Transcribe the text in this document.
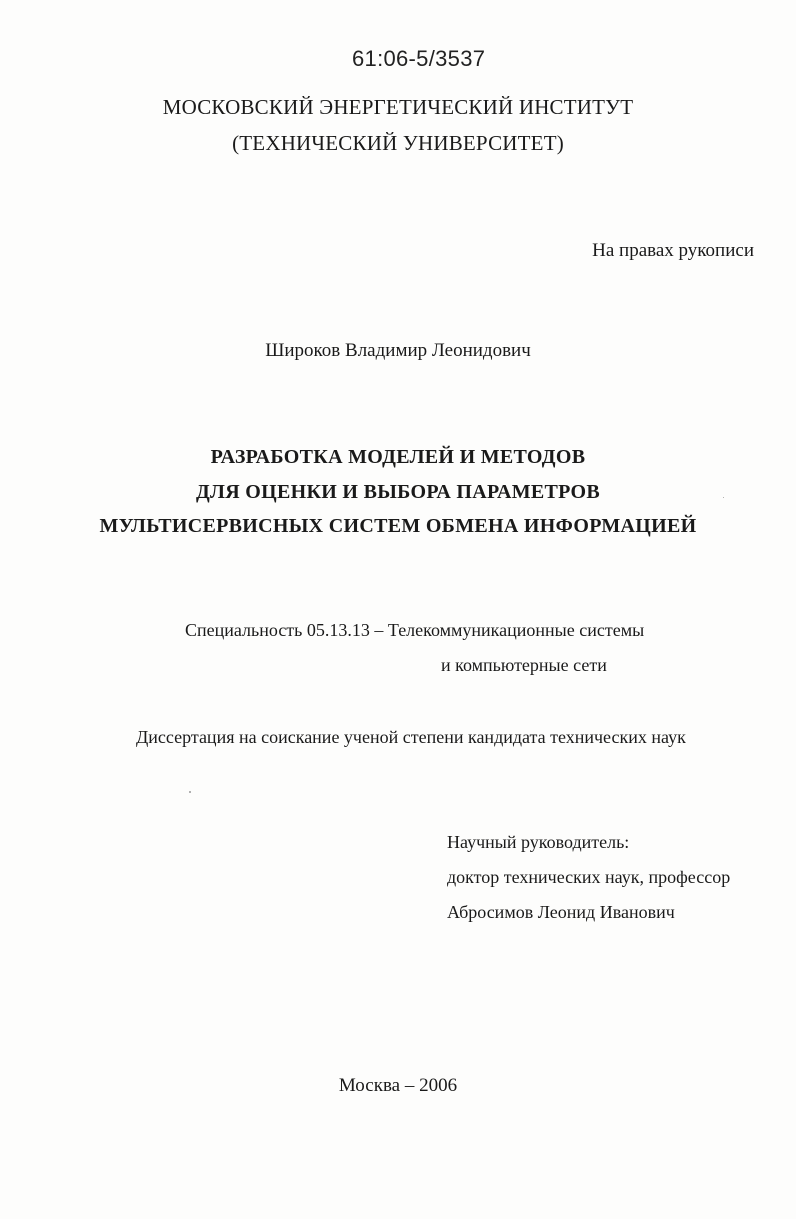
61:06-5/3537
МОСКОВСКИЙ ЭНЕРГЕТИЧЕСКИЙ ИНСТИТУТ
(ТЕХНИЧЕСКИЙ УНИВЕРСИТЕТ)
На правах рукописи
Широков Владимир Леонидович
РАЗРАБОТКА МОДЕЛЕЙ И МЕТОДОВ
ДЛЯ ОЦЕНКИ И ВЫБОРА ПАРАМЕТРОВ
МУЛЬТИСЕРВИСНЫХ СИСТЕМ ОБМЕНА ИНФОРМАЦИЕЙ
Специальность 05.13.13 – Телекоммуникационные системы
и компьютерные сети
Диссертация на соискание ученой степени кандидата технических наук
Научный руководитель:
доктор технических наук, профессор
Абросимов Леонид Иванович
Москва – 2006
